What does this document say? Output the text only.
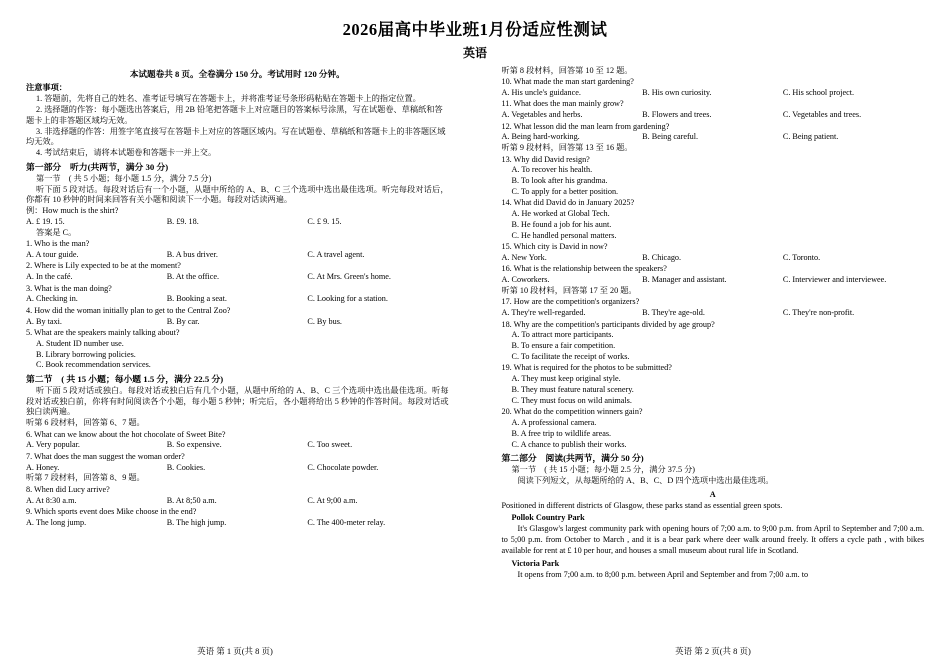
2026届高中毕业班1月份适应性测试
英语
本试题卷共 8 页。全卷满分 150 分。考试用时 120 分钟。

注意事项：

1. 答题前，先将自己的姓名、准考证号填写在答题卡上，并将准考证号条形码粘贴在答题卡上的指定位置。

2. 选择题的作答：每小题选出答案后，用 2B 铅笔把答题卡上对应题目的答案标号涂黑，写在试题卷、草稿纸和答题卡上的非答题区域均无效。

3. 非选择题的作答：用签字笔直接写在答题卡上对应的答题区域内。写在试题卷、草稿纸和答题卡上的非答题区域均无效。

4. 考试结束后，请将本试题卷和答题卡一并上交。

第一部分　听力(共两节，满分 30 分)

第一节　( 共 5 小题；每小题 1.5 分，满分 7.5 分)

听下面 5 段对话。每段对话后有一个小题，从题中所给的 A、B、C 三个选项中选出最佳选项。听完每段对话后，你都有 10 秒钟的时间来回答有关小题和阅读下一小题。每段对话读两遍。

例：How much is the shirt?

A. £ 19. 15.	B. £9. 18.	C. £ 9. 15.

答案是 C。

1. Who is the man?

A. A tour guide.	B. A bus driver.	C. A travel agent.

2. Where is Lily expected to be at the moment?

A. In the café.	B. At the office.	C. At Mrs. Green's home.

3. What is the man doing?

A. Checking in.	B. Booking a seat.	C. Looking for a station.

4. How did the woman initially plan to get to the Central Zoo?

A. By taxi.	B. By car.	C. By bus.

5. What are the speakers mainly talking about?

A. Student ID number use.

B. Library borrowing policies.

C. Book recommendation services.

第二节　( 共 15 小题；每小题 1.5 分，满分 22.5 分)

听下面 5 段对话或独白。每段对话或独白后有几个小题，从题中所给的 A、B、C 三个选项中选出最佳选项。听每段对话或独白前，你将有时间阅读各个小题，每小题 5 秒钟；听完后，各小题将给出 5 秒钟的作答时间。每段对话或独白读两遍。

听第 6 段材料，回答第 6、7 题。

6. What can we know about the hot chocolate of Sweet Bite?

A. Very popular.	B. So expensive.	C. Too sweet.

7. What does the man suggest the woman order?

A. Honey.	B. Cookies.	C. Chocolate powder.

听第 7 段材料，回答第 8、9 题。

8. When did Lucy arrive?

A. At 8:30 a.m.	B. At 8;50 a.m.	C. At 9;00 a.m.

9. Which sports event does Mike choose in the end?

A. The long jump.	B. The high jump.	C. The 400-meter relay.

听第 8 段材料，回答第 10 至 12 题。

10. What made the man start gardening?

A. His uncle's guidance.	B. His own curiosity.	C. His school project.

11. What does the man mainly grow?

A. Vegetables and herbs.	B. Flowers and trees.	C. Vegetables and trees.

12. What lesson did the man learn from gardening?

A. Being hard-working.	B. Being careful.	C. Being patient.

听第 9 段材料，回答第 13 至 16 题。

13. Why did David resign?

A. To recover his health.

B. To look after his grandma.

C. To apply for a better position.

14. What did David do in January 2025?

A. He worked at Global Tech.

B. He found a job for his aunt.

C. He handled personal matters.

15. Which city is David in now?

A. New York.	B. Chicago.	C. Toronto.

16. What is the relationship between the speakers?

A. Coworkers.	B. Manager and assistant.	C. Interviewer and interviewee.

听第 10 段材料，回答第 17 至 20 题。

17. How are the competition's organizers?

A. They're well-regarded.	B. They're age-old.	C. They're non-profit.

18. Why are the competition's participants divided by age group?

A. To attract more participants.

B. To ensure a fair competition.

C. To facilitate the receipt of works.

19. What is required for the photos to be submitted?

A. They must keep original style.

B. They must feature natural scenery.

C. They must focus on wild animals.

20. What do the competition winners gain?

A. A professional camera.

B. A free trip to wildlife areas.

C. A chance to publish their works.

第二部分　阅读(共两节，满分 50 分)

第一节　( 共 15 小题；每小题 2.5 分，满分 37.5 分)

阅读下列短文，从每题所给的 A、B、C、D 四个选项中选出最佳选项。

A

Positioned in different districts of Glasgow, these parks stand as essential green spots.

Pollok Country Park

It's Glasgow's largest community park with opening hours of 7;00 a.m. to 9;00 p.m. from April to September and 7;00 a.m. to 5;00 p.m. from October to March , and it is a bear park where deer walk around freely. It offers a cycle path , with bikes available for rent at £ 10 per hour, and houses a small museum about rural life in Scotland.

Victoria Park

It opens from 7;00 a.m. to 8;00 p.m. between April and September and from 7;00 a.m. to

英语 第 1 页(共 8 页)	英语 第 2 页(共 8 页)
